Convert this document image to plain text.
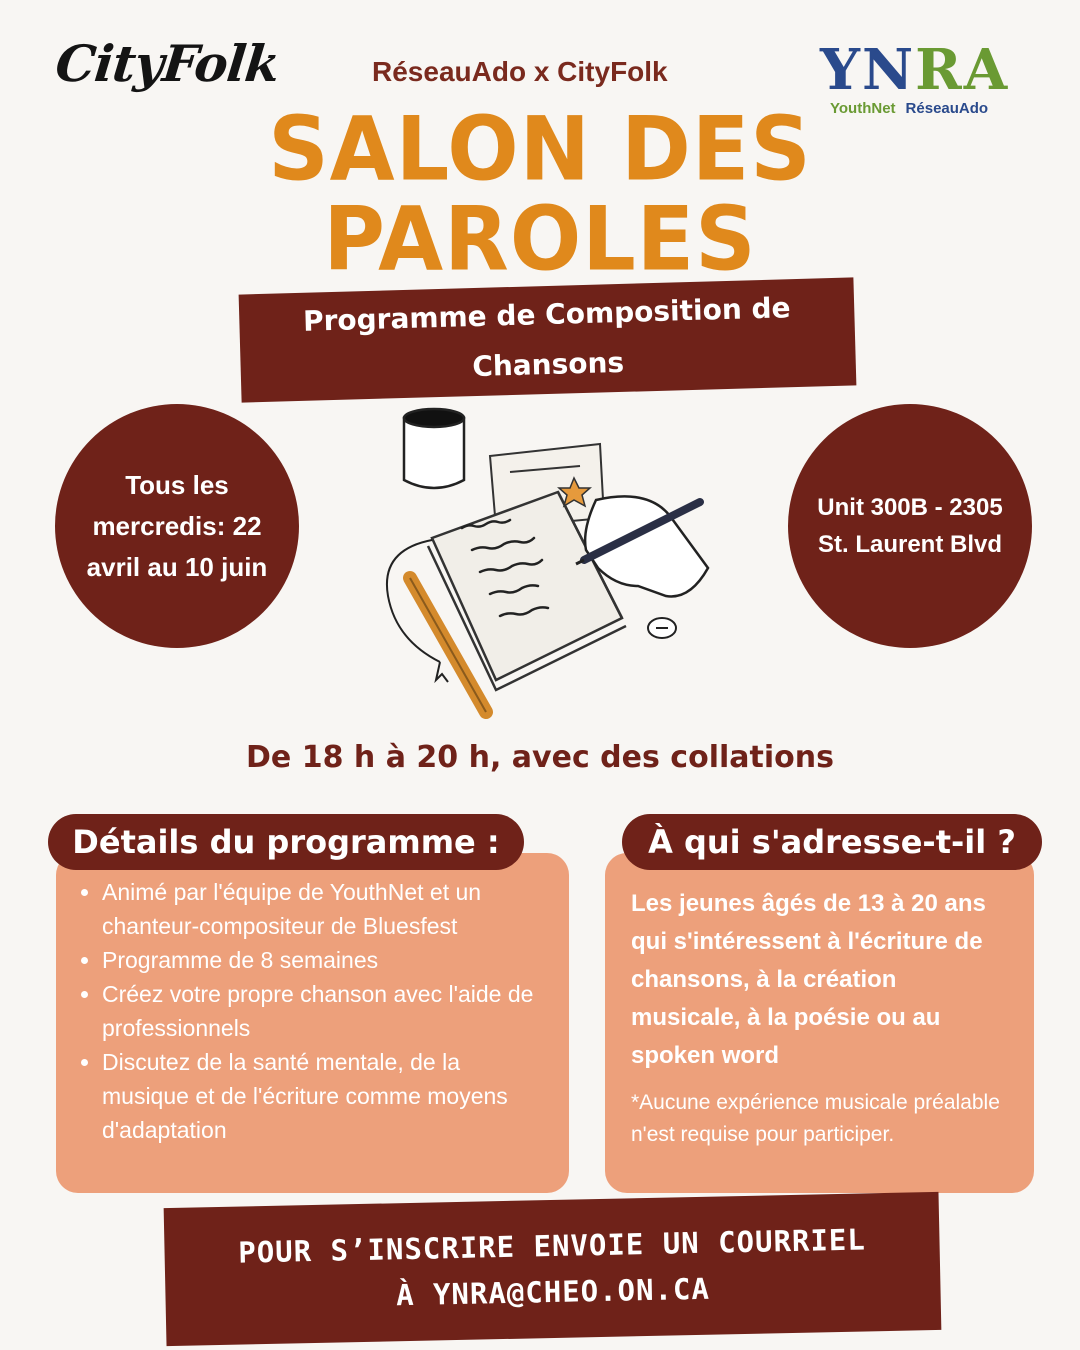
CityFolk	RéseauAdo x CityFolk	YNRA
YouthNet RéseauAdo
SALON DES
PAROLES
Programme de Composition de Chansons
Tous les mercredis: 22 avril au 10 juin
Unit 300B - 2305 St. Laurent Blvd
De 18 h à 20 h, avec des collations
• Animé par l'équipe de YouthNet et un chanteur-compositeur de Bluesfest
• Programme de 8 semaines
• Créez votre propre chanson avec l'aide de professionnels
• Discutez de la santé mentale, de la musique et de l'écriture comme moyens d'adaptation
Détails du programme :
Les jeunes âgés de 13 à 20 ans qui s'intéressent à l'écriture de chansons, à la création musicale, à la poésie ou au spoken word
*Aucune expérience musicale préalable n'est requise pour participer.
À qui s'adresse-t-il ?
POUR S’INSCRIRE ENVOIE UN COURRIEL
À YNRA@CHEO.ON.CA
